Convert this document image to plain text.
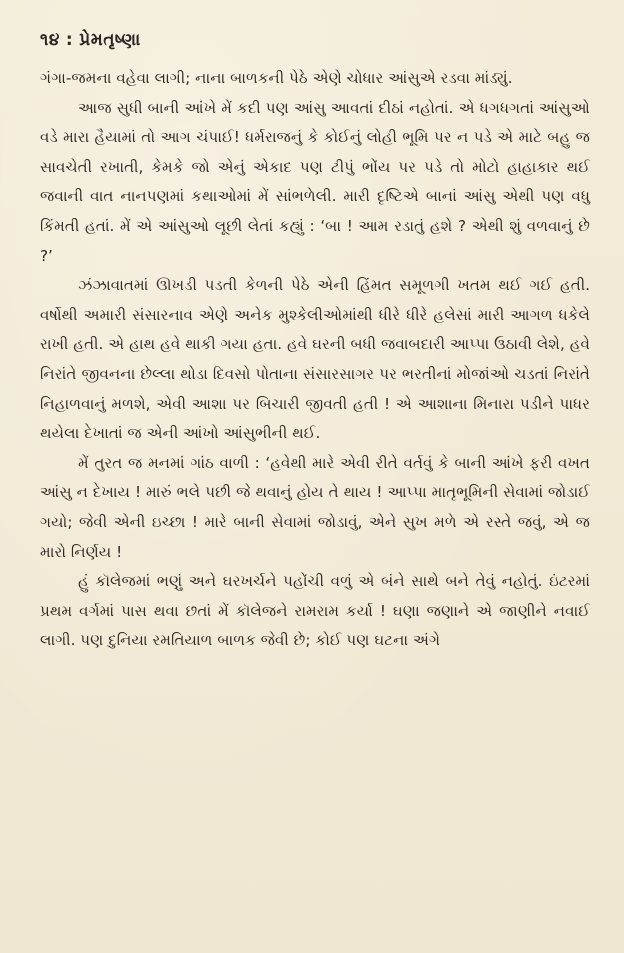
૧૪ : પ્રેમતૃષ્ણા

ગંગા-જમના વહેવા લાગી; નાના બાળકની પેઠે એણે ચોધાર આંસુએ રડવા માંડ્યું.

આજ સુધી બાની આંખે મેં કદી પણ આંસુ આવતાં દીઠાં નહોતાં. એ ધગધગતાં આંસુઓ વડે મારા હૈયામાં તો આગ ચંપાઈ! ધર્મરાજનું કે કોઈનું લોહી ભૂમિ પર ન પડે એ માટે બહુ જ સાવચેતી રખાતી, કેમકે જો એનું એકાદ પણ ટીપું ભોંય પર પડે તો મોટો હાહાકાર થઈ જવાની વાત નાનપણમાં કથાઓમાં મેં સાંભળેલી. મારી દૃષ્ટિએ બાનાં આંસુ એથી પણ વધુ કિંમતી હતાં. મેં એ આંસુઓ લૂછી લેતાં કહ્યું : ‘બા ! આમ રડાતું હશે ? એથી શું વળવાનું છે ?’

ઝંઝાવાતમાં ઊખડી પડતી કેળની પેઠે એની હિંમત સમૂળગી ખતમ થઈ ગઈ હતી. વર્ષોથી અમારી સંસારનાવ એણે અનેક મુશ્કેલીઓમાંથી ધીરે ધીરે હલેસાં મારી આગળ ધકેલે રાખી હતી. એ હાથ હવે થાકી ગયા હતા. હવે ઘરની બધી જવાબદારી આપ્પા ઉઠાવી લેશે, હવે નિરાંતે જીવનના છેલ્લા થોડા દિવસો પોતાના સંસારસાગર પર ભરતીનાં મોજાંઓ ચડતાં નિરાંતે નિહાળવાનું મળશે, એવી આશા પર બિચારી જીવતી હતી ! એ આશાના મિનારા પડીને પાધર થયેલા દેખાતાં જ એની આંખો આંસુભીની થઈ.

મેં તુરત જ મનમાં ગાંઠ વાળી : ‘હવેથી મારે એવી રીતે વર્તવું કે બાની આંખે ફરી વખત આંસુ ન દેખાય ! મારું ભલે પછી જે થવાનું હોય તે થાય ! આપ્પા માતૃભૂમિની સેવામાં જોડાઈ ગયો; જેવી એની ઇચ્છા ! મારે બાની સેવામાં જોડાવું, એને સુખ મળે એ રસ્તે જવું, એ જ મારો નિર્ણય !

હું કૉલેજમાં ભણું અને ઘરખર્ચને પહોંચી વળું એ બંને સાથે બને તેવું નહોતું. ઇંટરમાં પ્રથમ વર્ગમાં પાસ થવા છતાં મેં કૉલેજને રામરામ કર્યા ! ઘણા જણાને એ જાણીને નવાઈ લાગી. પણ દુનિયા રમતિયાળ બાળક જેવી છે; કોઈ પણ ઘટના અંગે
